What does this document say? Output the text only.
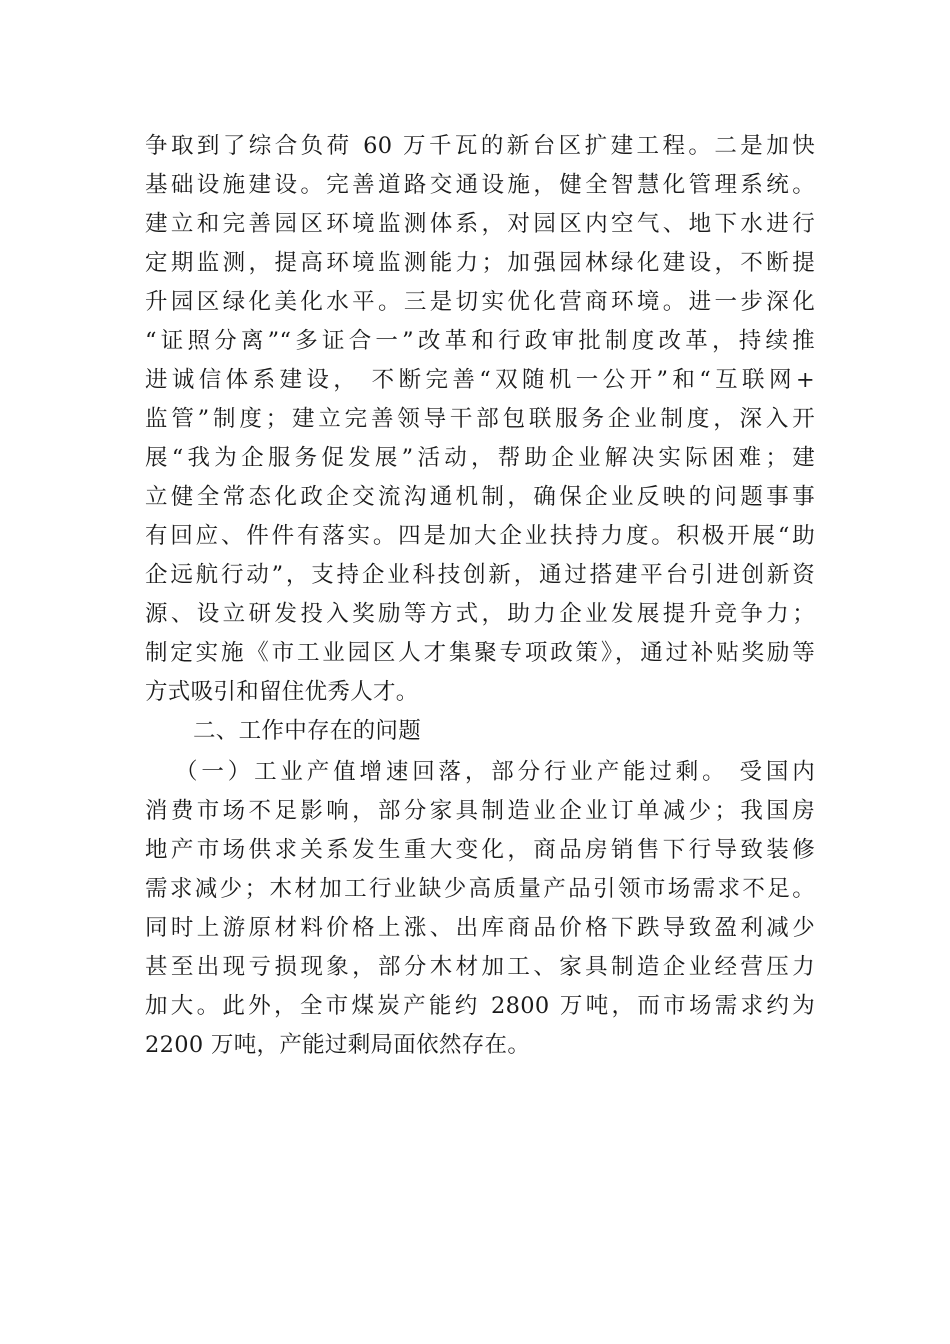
争取到了综合负荷 60 万千瓦的新台区扩建工程。二是加快
基础设施建设。完善道路交通设施，健全智慧化管理系统。
建立和完善园区环境监测体系，对园区内空气、地下水进行
定期监测，提高环境监测能力；加强园林绿化建设，不断提
升园区绿化美化水平。三是切实优化营商环境。进一步深化
“证照分离”“多证合一”改革和行政审批制度改革，持续推
进诚信体系建设， 不断完善“双随机一公开”和“互联网+
监管”制度；建立完善领导干部包联服务企业制度，深入开
展“我为企服务促发展”活动，帮助企业解决实际困难；建
立健全常态化政企交流沟通机制，确保企业反映的问题事事
有回应、件件有落实。四是加大企业扶持力度。积极开展“助
企远航行动”，支持企业科技创新，通过搭建平台引进创新资
源、设立研发投入奖励等方式，助力企业发展提升竞争力；
制定实施《市工业园区人才集聚专项政策》，通过补贴奖励等
方式吸引和留住优秀人才。
二、工作中存在的问题
（一）工业产值增速回落，部分行业产能过剩。 受国内
消费市场不足影响，部分家具制造业企业订单减少；我国房
地产市场供求关系发生重大变化，商品房销售下行导致装修
需求减少；木材加工行业缺少高质量产品引领市场需求不足。
同时上游原材料价格上涨、出库商品价格下跌导致盈利减少
甚至出现亏损现象，部分木材加工、家具制造企业经营压力
加大。此外，全市煤炭产能约 2800 万吨，而市场需求约为
2200 万吨，产能过剩局面依然存在。
